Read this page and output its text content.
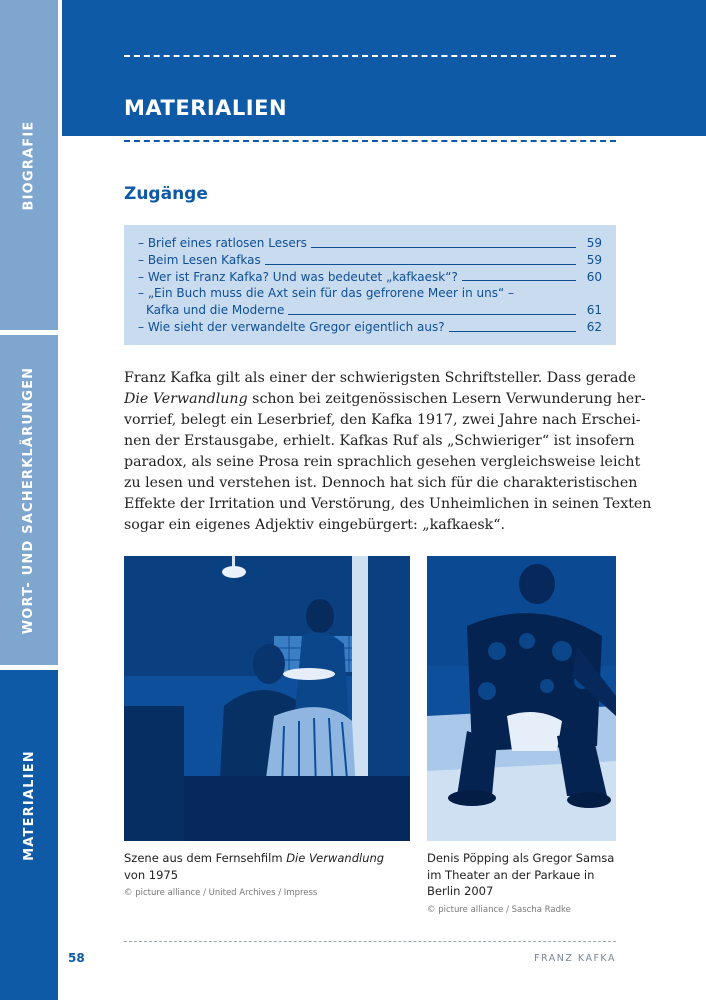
BIOGRAFIE
WORT- UND SACHERKLÄRUNGEN
MATERIALIEN
MATERIALIEN
Zugänge
– Brief eines ratlosen Lesers	59
– Beim Lesen Kafkas	59
– Wer ist Franz Kafka? Und was bedeutet „kafkaesk“?	60
– „Ein Buch muss die Axt sein für das gefrorene Meer in uns“ –
Kafka und die Moderne	61
– Wie sieht der verwandelte Gregor eigentlich aus?	62

Franz Kafka gilt als einer der schwierigsten Schriftsteller. Dass gerade
Die Verwandlung schon bei zeitgenössischen Lesern Verwunderung her-
vorrief, belegt ein Leserbrief, den Kafka 1917, zwei Jahre nach Erschei-
nen der Erstausgabe, erhielt. Kafkas Ruf als „Schwieriger“ ist insofern
paradox, als seine Prosa rein sprachlich gesehen vergleichsweise leicht
zu lesen und verstehen ist. Dennoch hat sich für die charakteristischen
Effekte der Irritation und Verstörung, des Unheimlichen in seinen Texten
sogar ein eigenes Adjektiv eingebürgert: „kafkaesk“.

Szene aus dem Fernsehfilm Die Verwandlung
von 1975
© picture alliance / United Archives / Impress
Denis Pöpping als Gregor Samsa
im Theater an der Parkaue in
Berlin 2007
© picture alliance / Sascha Radke
58	FRANZ KAFKA
